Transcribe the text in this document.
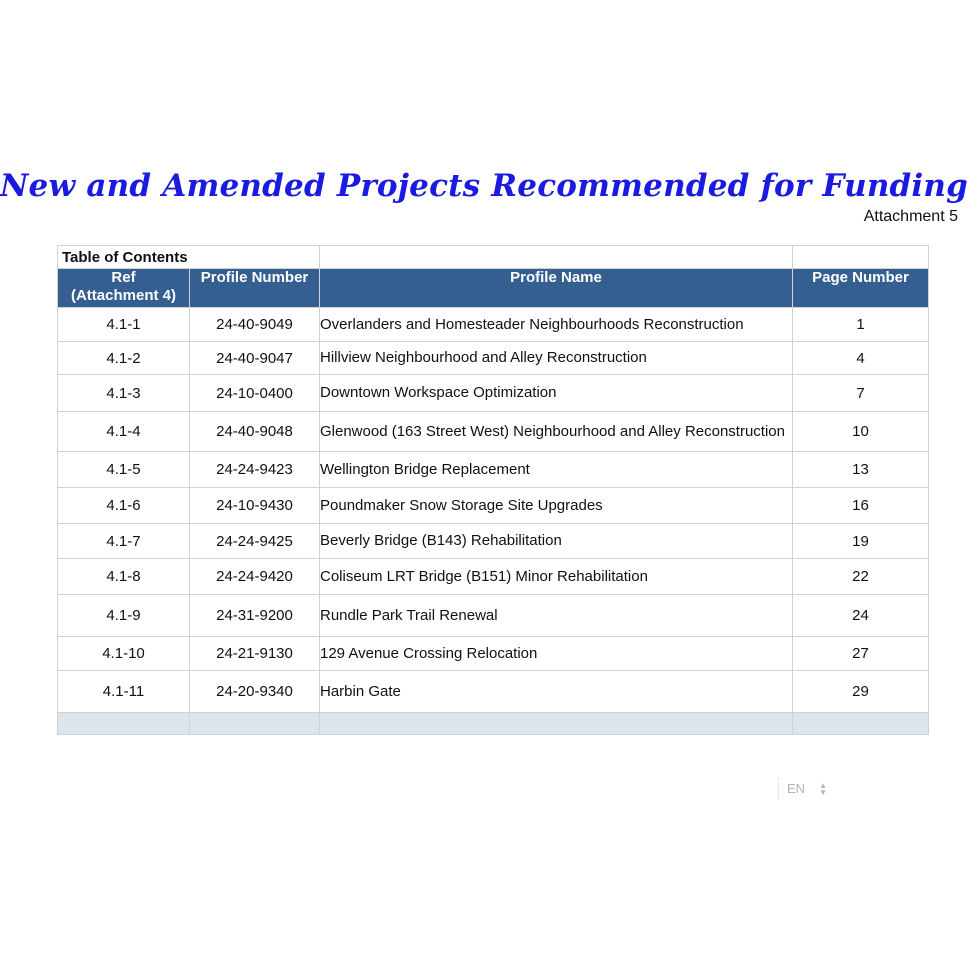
New and Amended Projects Recommended for Funding
Attachment 5
Table of Contents			
Ref
(Attachment 4)	Profile Number	Profile Name	Page Number
4.1-1	24-40-9049	Overlanders and Homesteader Neighbourhoods Reconstruction	1
4.1-2	24-40-9047	Hillview Neighbourhood and Alley Reconstruction	4
4.1-3	24-10-0400	Downtown Workspace Optimization	7
4.1-4	24-40-9048	Glenwood (163 Street West) Neighbourhood and Alley Reconstruction	10
4.1-5	24-24-9423	Wellington Bridge Replacement	13
4.1-6	24-10-9430	Poundmaker Snow Storage Site Upgrades	16
4.1-7	24-24-9425	Beverly Bridge (B143) Rehabilitation	19
4.1-8	24-24-9420	Coliseum LRT Bridge (B151) Minor Rehabilitation	22
4.1-9	24-31-9200	Rundle Park Trail Renewal	24
4.1-10	24-21-9130	129 Avenue Crossing Relocation	27
4.1-11	24-20-9340	Harbin Gate	29

EN ▲
▼
